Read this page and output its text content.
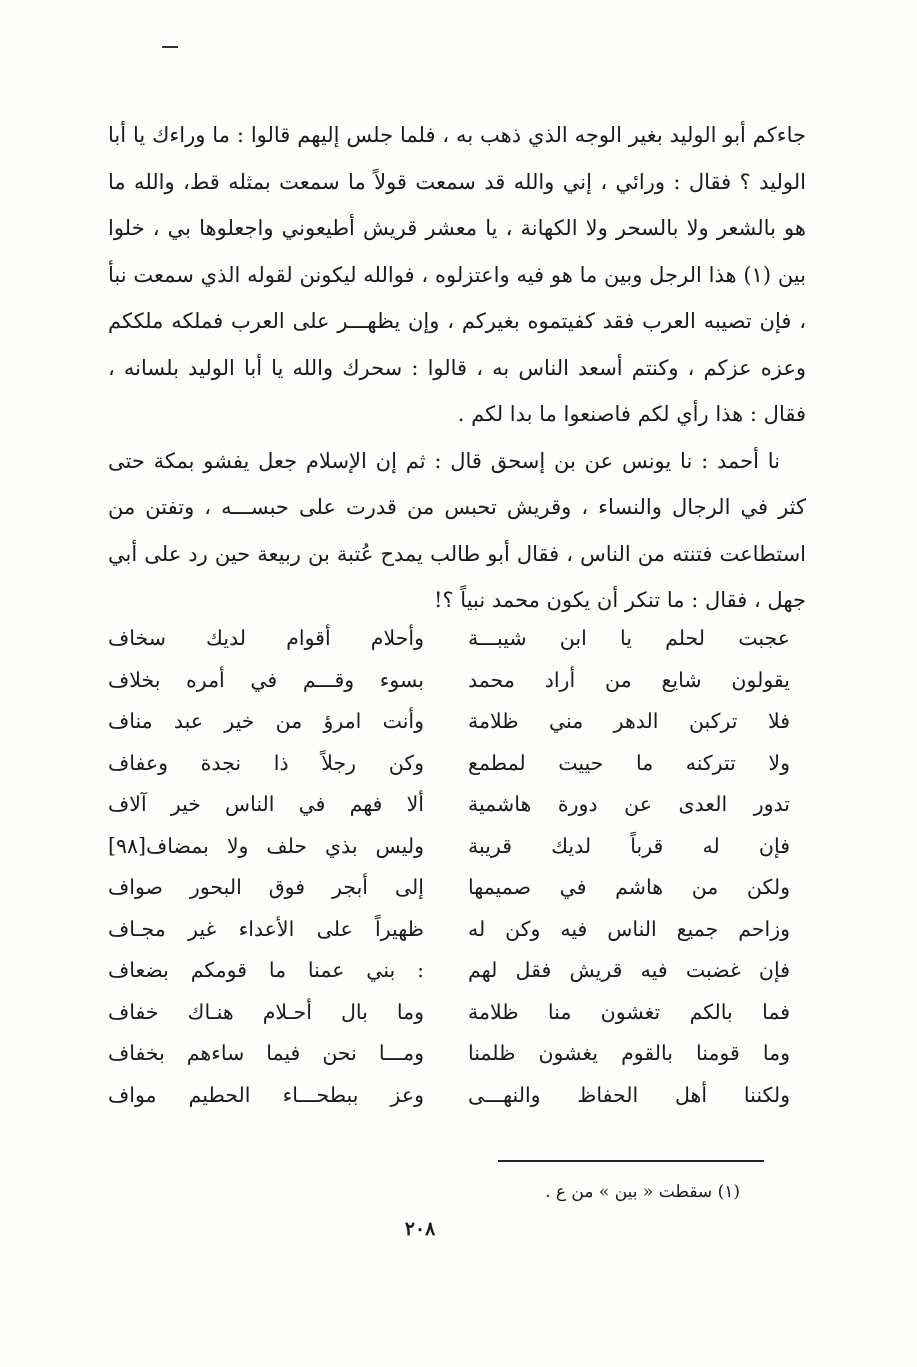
جاءكم أبو الوليد بغير الوجه الذي ذهب به ، فلما جلس إليهم قالوا : ما وراءك يا أبا الوليد ؟ فقال : ورائي ، إني والله قد سمعت قولاً ما سمعت بمثله قط، والله ما هو بالشعر ولا بالسحر ولا الكهانة ، يا معشر قريش أطيعوني واجعلوها بي ، خلوا بين (١) هذا الرجل وبين ما هو فيه واعتزلوه ، فوالله ليكونن لقوله الذي سمعت نبأ ، فإن تصيبه العرب فقد كفيتموه بغيركم ، وإن يظهـــر على العرب فملكه ملككم وعزه عزكم ، وكنتم أسعد الناس به ، قالوا : سحرك والله يا أبا الوليد بلسانه ، فقال : هذا رأي لكم فاصنعوا ما بدا لكم .

نا أحمد : نا يونس عن بن إسحق قال : ثم إن الإسلام جعل يفشو بمكة حتى كثر في الرجال والنساء ، وقريش تحبس من قدرت على حبســـه ، وتفتن من استطاعت فتنته من الناس ، فقال أبو طالب يمدح عُتبة بن ربيعة حين رد على أبي جهل ، فقال : ما تنكر أن يكون محمد نبياً ؟!

عجبت لحلم يا ابن شيبـــة
يقولون شايع من أراد محمد
فلا تركبن الدهر مني ظلامة
ولا تتركنه ما حييت لمطمع
تدور العدى عن دورة هاشمية
فإن له قرباً لديك قريبة
ولكن من هاشم في صميمها
وزاحم جميع الناس فيه وكن له
فإن غضبت فيه قريش فقل لهم
فما بالكم تغشون منا ظلامة
وما قومنا بالقوم يغشون ظلمنا
ولكننا أهل الحفاظ والنهـــى
وأحلام أقوام لديك سخاف
بسوء وقـــم في أمره بخلاف
وأنت امرؤ من خير عبد مناف
وكن رجلاً ذا نجدة وعفاف
ألا فهم في الناس خير آلاف
وليس بذي حلف ولا بمضاف[٩٨]
إلى أبجر فوق البحور صواف
ظهيراً على الأعداء غير مجـاف
: بني عمنا ما قومكم بضعاف
وما بال أحـلام هنـاك خفاف
ومـــا نحن فيما ساءهم بخفاف
وعز ببطحـــاء الحطيم مواف
(١) سقطت « بين » من ع .
٢٠٨
